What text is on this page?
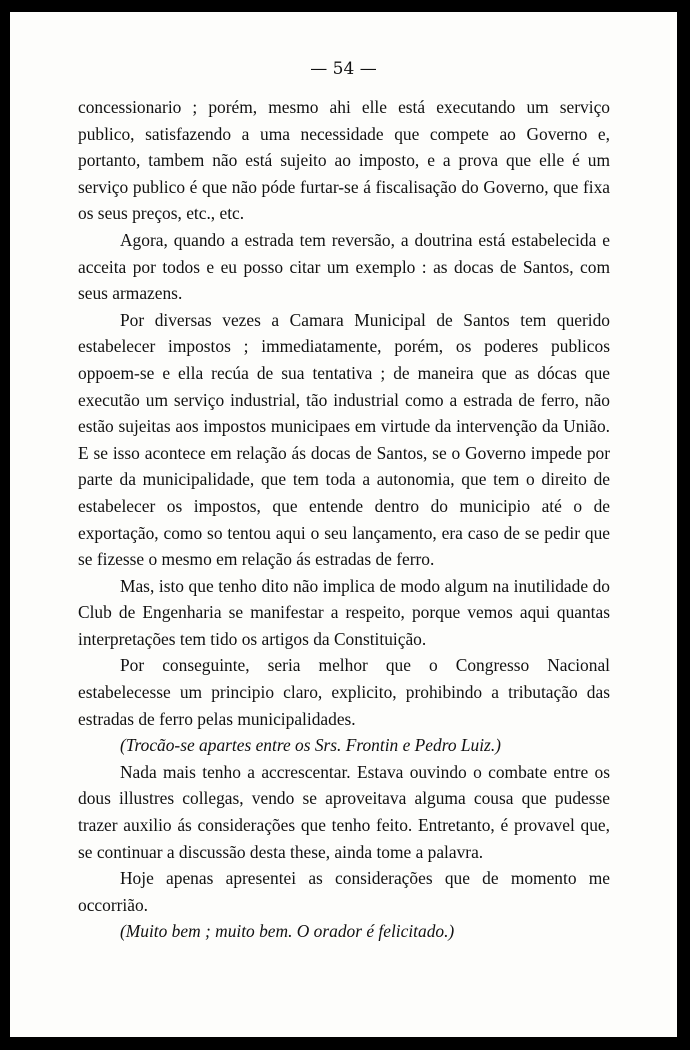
— 54 —

concessionario ; porém, mesmo ahi elle está executando um serviço publico, satisfazendo a uma necessidade que compete ao Governo e, portanto, tambem não está sujeito ao imposto, e a prova que elle é um serviço publico é que não póde furtar-se á fiscalisação do Governo, que fixa os seus preços, etc., etc.

Agora, quando a estrada tem reversão, a doutrina está estabelecida e acceita por todos e eu posso citar um exemplo : as docas de Santos, com seus armazens.

Por diversas vezes a Camara Municipal de Santos tem querido estabelecer impostos ; immediatamente, porém, os poderes publicos oppoem-se e ella recúa de sua tentativa ; de maneira que as dócas que executão um serviço industrial, tão industrial como a estrada de ferro, não estão sujeitas aos impostos municipaes em virtude da intervenção da União. E se isso acontece em relação ás docas de Santos, se o Governo impede por parte da municipalidade, que tem toda a autonomia, que tem o direito de estabelecer os impostos, que entende dentro do municipio até o de exportação, como so tentou aqui o seu lançamento, era caso de se pedir que se fizesse o mesmo em relação ás estradas de ferro.

Mas, isto que tenho dito não implica de modo algum na inutilidade do Club de Engenharia se manifestar a respeito, porque vemos aqui quantas interpretações tem tido os artigos da Constituição.

Por conseguinte, seria melhor que o Congresso Nacional estabelecesse um principio claro, explicito, prohibindo a tributação das estradas de ferro pelas municipalidades.

(Trocão-se apartes entre os Srs. Frontin e Pedro Luiz.)

Nada mais tenho a accrescentar. Estava ouvindo o combate entre os dous illustres collegas, vendo se aproveitava alguma cousa que pudesse trazer auxilio ás considerações que tenho feito. Entretanto, é provavel que, se continuar a discussão desta these, ainda tome a palavra.

Hoje apenas apresentei as considerações que de momento me occorrião.

(Muito bem ; muito bem. O orador é felicitado.)
